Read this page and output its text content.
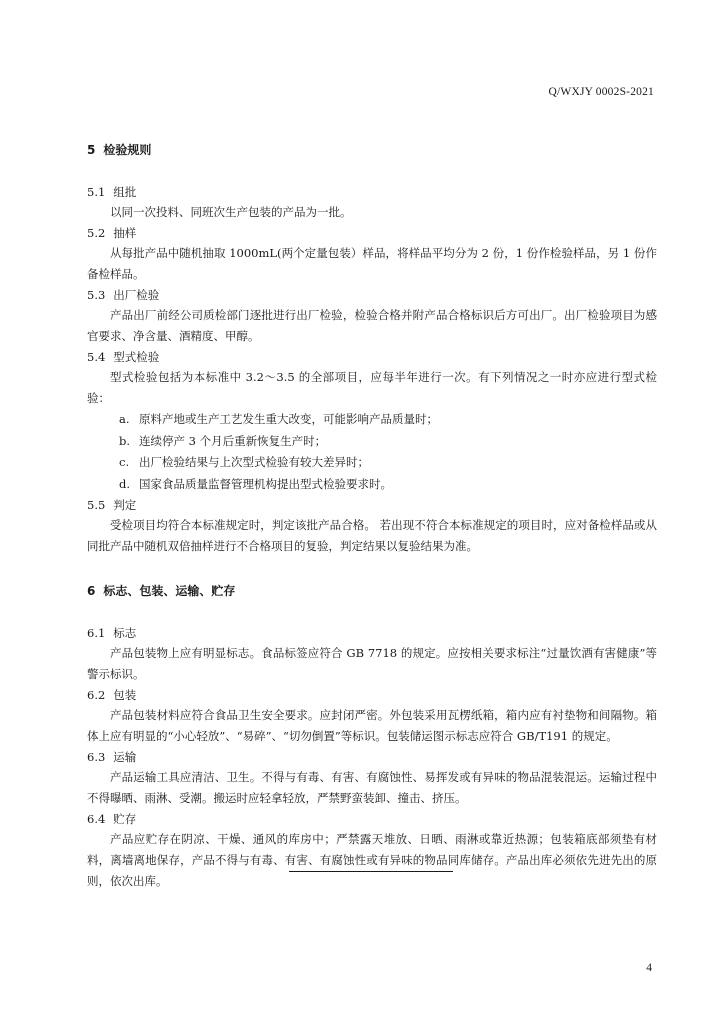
Q/WXJY 0002S-2021
5 检验规则
5.1 组批

以同一次投料、同班次生产包装的产品为一批。

5.2 抽样

从每批产品中随机抽取 1000mL(两个定量包装）样品，将样品平均分为 2 份，1 份作检验样品，另 1 份作备检样品。

5.3 出厂检验

产品出厂前经公司质检部门逐批进行出厂检验，检验合格并附产品合格标识后方可出厂。出厂检验项目为感官要求、净含量、酒精度、甲醇。

5.4 型式检验

型式检验包括为本标准中 3.2～3.5 的全部项目，应每半年进行一次。有下列情况之一时亦应进行型式检验：

a. 原料产地或生产工艺发生重大改变，可能影响产品质量时；
b. 连续停产 3 个月后重新恢复生产时；
c. 出厂检验结果与上次型式检验有较大差异时；
d. 国家食品质量监督管理机构提出型式检验要求时。
5.5 判定

受检项目均符合本标准规定时，判定该批产品合格。 若出现不符合本标准规定的项目时，应对备检样品或从同批产品中随机双倍抽样进行不合格项目的复验，判定结果以复验结果为准。

6 标志、包装、运输、贮存
6.1 标志

产品包装物上应有明显标志。食品标签应符合 GB 7718 的规定。应按相关要求标注“过量饮酒有害健康”等警示标识。

6.2 包装

产品包装材料应符合食品卫生安全要求。应封闭严密。外包装采用瓦楞纸箱，箱内应有衬垫物和间隔物。箱体上应有明显的“小心轻放”、“易碎”、“切勿倒置”等标识。包装储运图示标志应符合 GB/T191 的规定。

6.3 运输

产品运输工具应清洁、卫生。不得与有毒、有害、有腐蚀性、易挥发或有异味的物品混装混运。运输过程中不得曝晒、雨淋、受潮。搬运时应轻拿轻放，严禁野蛮装卸、撞击、挤压。

6.4 贮存

产品应贮存在阴凉、干燥、通风的库房中；严禁露天堆放、日晒、雨淋或靠近热源；包装箱底部须垫有材料，离墙离地保存，产品不得与有毒、有害、有腐蚀性或有异味的物品同库储存。产品出库必须依先进先出的原则，依次出库。

4
